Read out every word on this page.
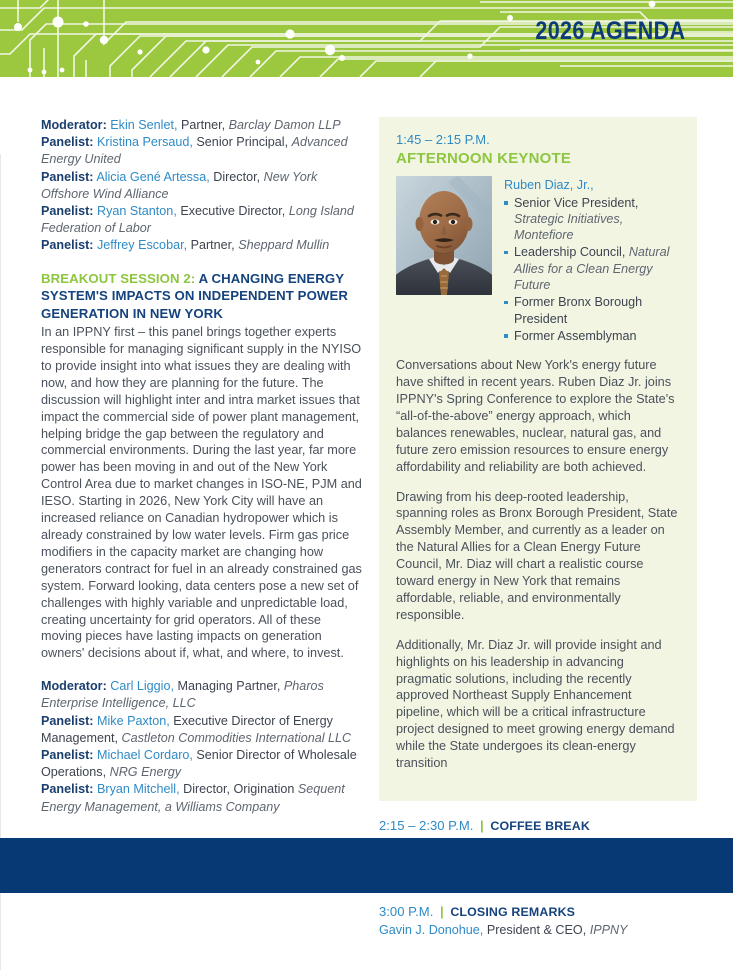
2026 AGENDA
Moderator: Ekin Senlet, Partner, Barclay Damon LLP
Panelist: Kristina Persaud, Senior Principal, Advanced Energy United
Panelist: Alicia Gené Artessa, Director, New York Offshore Wind Alliance
Panelist: Ryan Stanton, Executive Director, Long Island Federation of Labor
Panelist: Jeffrey Escobar, Partner, Sheppard Mullin
BREAKOUT SESSION 2: A CHANGING ENERGY SYSTEM'S IMPACTS ON INDEPENDENT POWER GENERATION IN NEW YORK
In an IPPNY first – this panel brings together experts responsible for managing significant supply in the NYISO to provide insight into what issues they are dealing with now, and how they are planning for the future. The discussion will highlight inter and intra market issues that impact the commercial side of power plant management, helping bridge the gap between the regulatory and commercial environments. During the last year, far more power has been moving in and out of the New York Control Area due to market changes in ISO-NE, PJM and IESO. Starting in 2026, New York City will have an increased reliance on Canadian hydropower which is already constrained by low water levels. Firm gas price modifiers in the capacity market are changing how generators contract for fuel in an already constrained gas system. Forward looking, data centers pose a new set of challenges with highly variable and unpredictable load, creating uncertainty for grid operators. All of these moving pieces have lasting impacts on generation owners' decisions about if, what, and where, to invest.
Moderator: Carl Liggio, Managing Partner, Pharos Enterprise Intelligence, LLC
Panelist: Mike Paxton, Executive Director of Energy Management, Castleton Commodities International LLC
Panelist: Michael Cordaro, Senior Director of Wholesale Operations, NRG Energy
Panelist: Bryan Mitchell, Director, Origination Sequent Energy Management, a Williams Company
1:45 – 2:15 P.M.
AFTERNOON KEYNOTE
Ruben Diaz, Jr.,
Senior Vice President, Strategic Initiatives, Montefiore
Leadership Council, Natural Allies for a Clean Energy Future
Former Bronx Borough President
Former Assemblyman
Conversations about New York's energy future have shifted in recent years. Ruben Diaz Jr. joins IPPNY's Spring Conference to explore the State's “all-of-the-above” energy approach, which balances renewables, nuclear, natural gas, and future zero emission resources to ensure energy affordability and reliability are both achieved.
Drawing from his deep-rooted leadership, spanning roles as Bronx Borough President, State Assembly Member, and currently as a leader on the Natural Allies for a Clean Energy Future Council, Mr. Diaz will chart a realistic course toward energy in New York that remains affordable, reliable, and environmentally responsible.
Additionally, Mr. Diaz Jr. will provide insight and highlights on his leadership in advancing pragmatic solutions, including the recently approved Northeast Supply Enhancement pipeline, which will be a critical infrastructure project designed to meet growing energy demand while the State undergoes its clean-energy transition
2:15 – 2:30 P.M. | COFFEE BREAK
3:00 P.M. | CLOSING REMARKS
Gavin J. Donohue, President & CEO, IPPNY
